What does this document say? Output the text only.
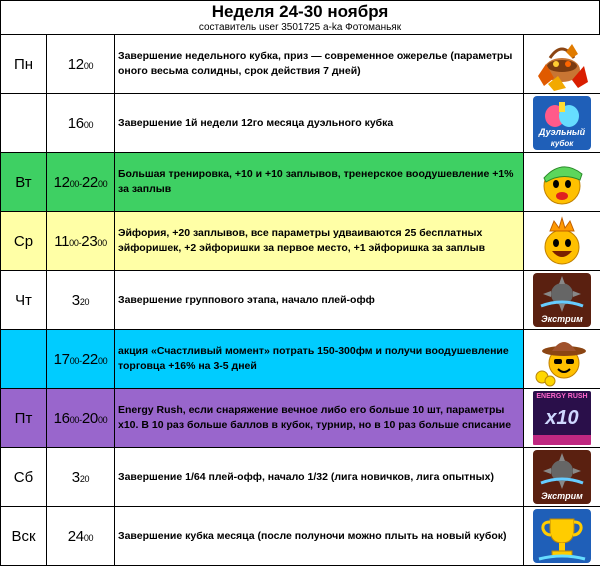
Неделя 24-30 ноября
составитель user 3501725 a-ka Фотоманьяк
Пн	1200	Завершение недельного кубка, приз — современное ожерелье (параметры оного весьма солидны, срок действия 7 дней)	

	1600	Завершение 1й недели 12го месяца дуэльного кубка	Дуэльный
кубок

Вт	1200-2200	Большая тренировка, +10 и +10 заплывов, тренерское воодушевление +1% за заплыв	

Ср	1100-2300	Эйфория, +20 заплывов, все параметры удваиваются 25 бесплатных эйфоришек, +2 эйфоришки за первое место, +1 эйфоришка за заплыв	

Чт	320	Завершение группового этапа, начало плей-офф	Экстрим

	1700-2200	акция «Счастливый момент» потрать 150-300фм и получи воодушевление торговца +16% на 3-5 дней	

Пт	1600-2000	Energy Rush, если снаряжение вечное либо его больше 10 шт, параметры x10. В 10 раз больше баллов в кубок, турнир, но в 10 раз больше списание	ENERGY RUSH
x10

Сб	320	Завершение 1/64 плей-офф, начало 1/32 (лига новичков, лига опытных)	Экстрим

Вск	2400	Завершение кубка месяца (после полуночи можно плыть на новый кубок)	
